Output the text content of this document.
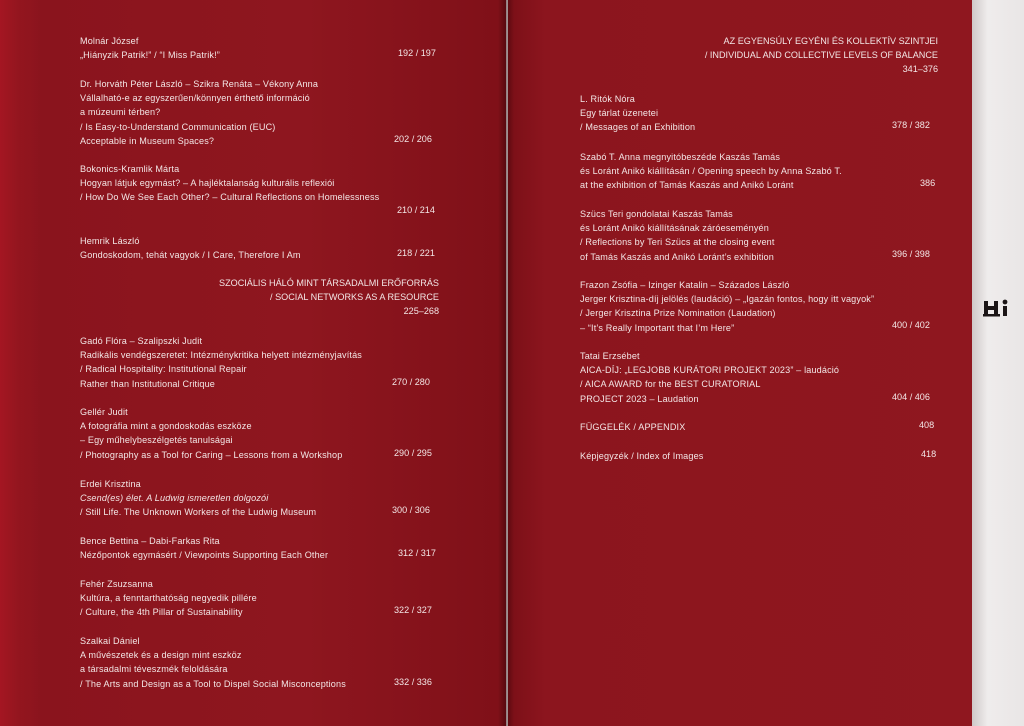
Molnár József
„Hiányzik Patrik!” / “I Miss Patrik!”	192 / 197
Dr. Horváth Péter László – Szikra Renáta – Vékony Anna
Vállalható-e az egyszerűen/könnyen érthető információ
a múzeumi térben?
/ Is Easy-to-Understand Communication (EUC)
Acceptable in Museum Spaces?	202 / 206
Bokonics-Kramlik Márta
Hogyan látjuk egymást? – A hajléktalanság kulturális reflexiói
/ How Do We See Each Other? – Cultural Reflections on Homelessness
210 / 214
Hemrik László
Gondoskodom, tehát vagyok / I Care, Therefore I Am	218 / 221
SZOCIÁLIS HÁLÓ MINT TÁRSADALMI ERŐFORRÁS
/ SOCIAL NETWORKS AS A RESOURCE
225–268
Gadó Flóra – Szalipszki Judit
Radikális vendégszeretet: Intézménykritika helyett intézményjavítás
/ Radical Hospitality: Institutional Repair
Rather than Institutional Critique	270 / 280
Gellér Judit
A fotográfia mint a gondoskodás eszköze
– Egy műhelybeszélgetés tanulságai
/ Photography as a Tool for Caring – Lessons from a Workshop	290 / 295
Erdei Krisztina
Csend(es) élet. A Ludwig ismeretlen dolgozói
/ Still Life. The Unknown Workers of the Ludwig Museum	300 / 306
Bence Bettina – Dabi-Farkas Rita
Nézőpontok egymásért / Viewpoints Supporting Each Other	312 / 317
Fehér Zsuzsanna
Kultúra, a fenntarthatóság negyedik pillére
/ Culture, the 4th Pillar of Sustainability	322 / 327
Szalkai Dániel
A művészetek és a design mint eszköz
a társadalmi téveszmék feloldására
/ The Arts and Design as a Tool to Dispel Social Misconceptions	332 / 336
AZ EGYENSÚLY EGYÉNI ÉS KOLLEKTÍV SZINTJEI
/ INDIVIDUAL AND COLLECTIVE LEVELS OF BALANCE
341–376
L. Ritók Nóra
Egy tárlat üzenetei
/ Messages of an Exhibition	378 / 382
Szabó T. Anna megnyitóbeszéde Kaszás Tamás
és Loránt Anikó kiállításán / Opening speech by Anna Szabó T.
at the exhibition of Tamás Kaszás and Anikó Loránt	386
Szücs Teri gondolatai Kaszás Tamás
és Loránt Anikó kiállításának záróeseményén
/ Reflections by Teri Szücs at the closing event
of Tamás Kaszás and Anikó Loránt’s exhibition	396 / 398
Frazon Zsófia – Izinger Katalin – Százados László
Jerger Krisztina-díj jelölés (laudáció) – „Igazán fontos, hogy itt vagyok”
/ Jerger Krisztina Prize Nomination (Laudation)
– “It’s Really Important that I’m Here”	400 / 402
Tatai Erzsébet
AICA-DÍJ: „LEGJOBB KURÁTORI PROJEKT 2023” – laudáció
/ AICA AWARD for the BEST CURATORIAL
PROJECT 2023 – Laudation	404 / 406
FÜGGELÉK / APPENDIX	408
Képjegyzék / Index of Images	418
